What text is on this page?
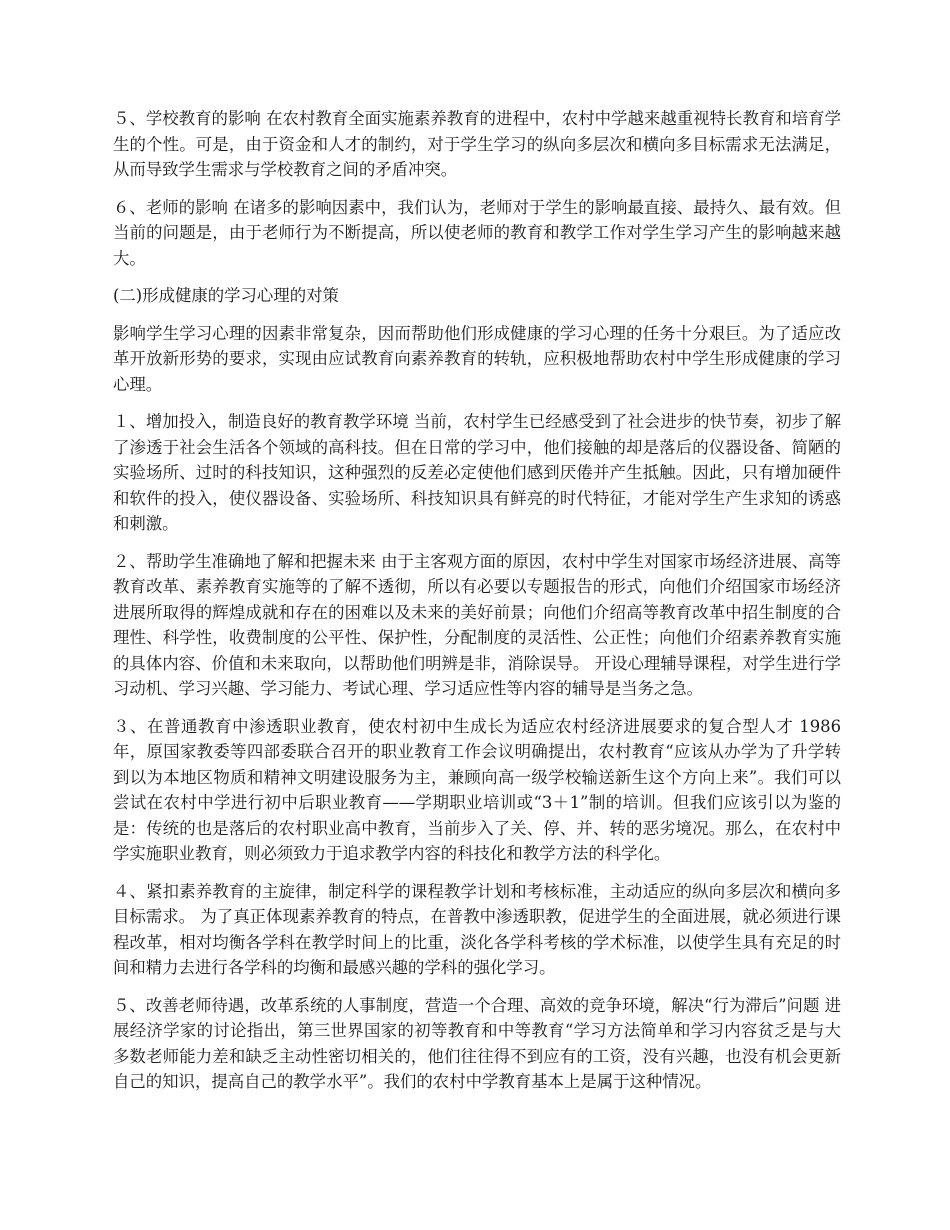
５、学校教育的影响 在农村教育全面实施素养教育的进程中，农村中学越来越重视特长教育和培育学生的个性。可是，由于资金和人才的制约，对于学生学习的纵向多层次和横向多目标需求无法满足，从而导致学生需求与学校教育之间的矛盾冲突。

６、老师的影响 在诸多的影响因素中，我们认为，老师对于学生的影响最直接、最持久、最有效。但当前的问题是，由于老师行为不断提高，所以使老师的教育和教学工作对学生学习产生的影响越来越大。

(二)形成健康的学习心理的对策

影响学生学习心理的因素非常复杂，因而帮助他们形成健康的学习心理的任务十分艰巨。为了适应改革开放新形势的要求，实现由应试教育向素养教育的转轨，应积极地帮助农村中学生形成健康的学习心理。

１、增加投入，制造良好的教育教学环境 当前，农村学生已经感受到了社会进步的快节奏，初步了解了渗透于社会生活各个领域的高科技。但在日常的学习中，他们接触的却是落后的仪器设备、简陋的实验场所、过时的科技知识，这种强烈的反差必定使他们感到厌倦并产生抵触。因此，只有增加硬件和软件的投入，使仪器设备、实验场所、科技知识具有鲜亮的时代特征，才能对学生产生求知的诱惑和刺激。

２、帮助学生准确地了解和把握未来 由于主客观方面的原因，农村中学生对国家市场经济进展、高等教育改革、素养教育实施等的了解不透彻，所以有必要以专题报告的形式，向他们介绍国家市场经济进展所取得的辉煌成就和存在的困难以及未来的美好前景；向他们介绍高等教育改革中招生制度的合理性、科学性，收费制度的公平性、保护性，分配制度的灵活性、公正性；向他们介绍素养教育实施的具体内容、价值和未来取向，以帮助他们明辨是非，消除误导。 开设心理辅导课程，对学生进行学习动机、学习兴趣、学习能力、考试心理、学习适应性等内容的辅导是当务之急。

３、在普通教育中渗透职业教育，使农村初中生成长为适应农村经济进展要求的复合型人才 1986 年，原国家教委等四部委联合召开的职业教育工作会议明确提出，农村教育“应该从办学为了升学转到以为本地区物质和精神文明建设服务为主，兼顾向高一级学校输送新生这个方向上来”。我们可以尝试在农村中学进行初中后职业教育——学期职业培训或“3＋1”制的培训。但我们应该引以为鉴的是：传统的也是落后的农村职业高中教育，当前步入了关、停、并、转的恶劣境况。那么，在农村中学实施职业教育，则必须致力于追求教学内容的科技化和教学方法的科学化。

４、紧扣素养教育的主旋律，制定科学的课程教学计划和考核标准，主动适应的纵向多层次和横向多目标需求。 为了真正体现素养教育的特点，在普教中渗透职教，促进学生的全面进展，就必须进行课程改革，相对均衡各学科在教学时间上的比重，淡化各学科考核的学术标准，以使学生具有充足的时间和精力去进行各学科的均衡和最感兴趣的学科的强化学习。

５、改善老师待遇，改革系统的人事制度，营造一个合理、高效的竞争环境，解决“行为滞后”问题 进展经济学家的讨论指出，第三世界国家的初等教育和中等教育“学习方法简单和学习内容贫乏是与大多数老师能力差和缺乏主动性密切相关的，他们往往得不到应有的工资，没有兴趣，也没有机会更新自己的知识，提高自己的教学水平”。我们的农村中学教育基本上是属于这种情况。
